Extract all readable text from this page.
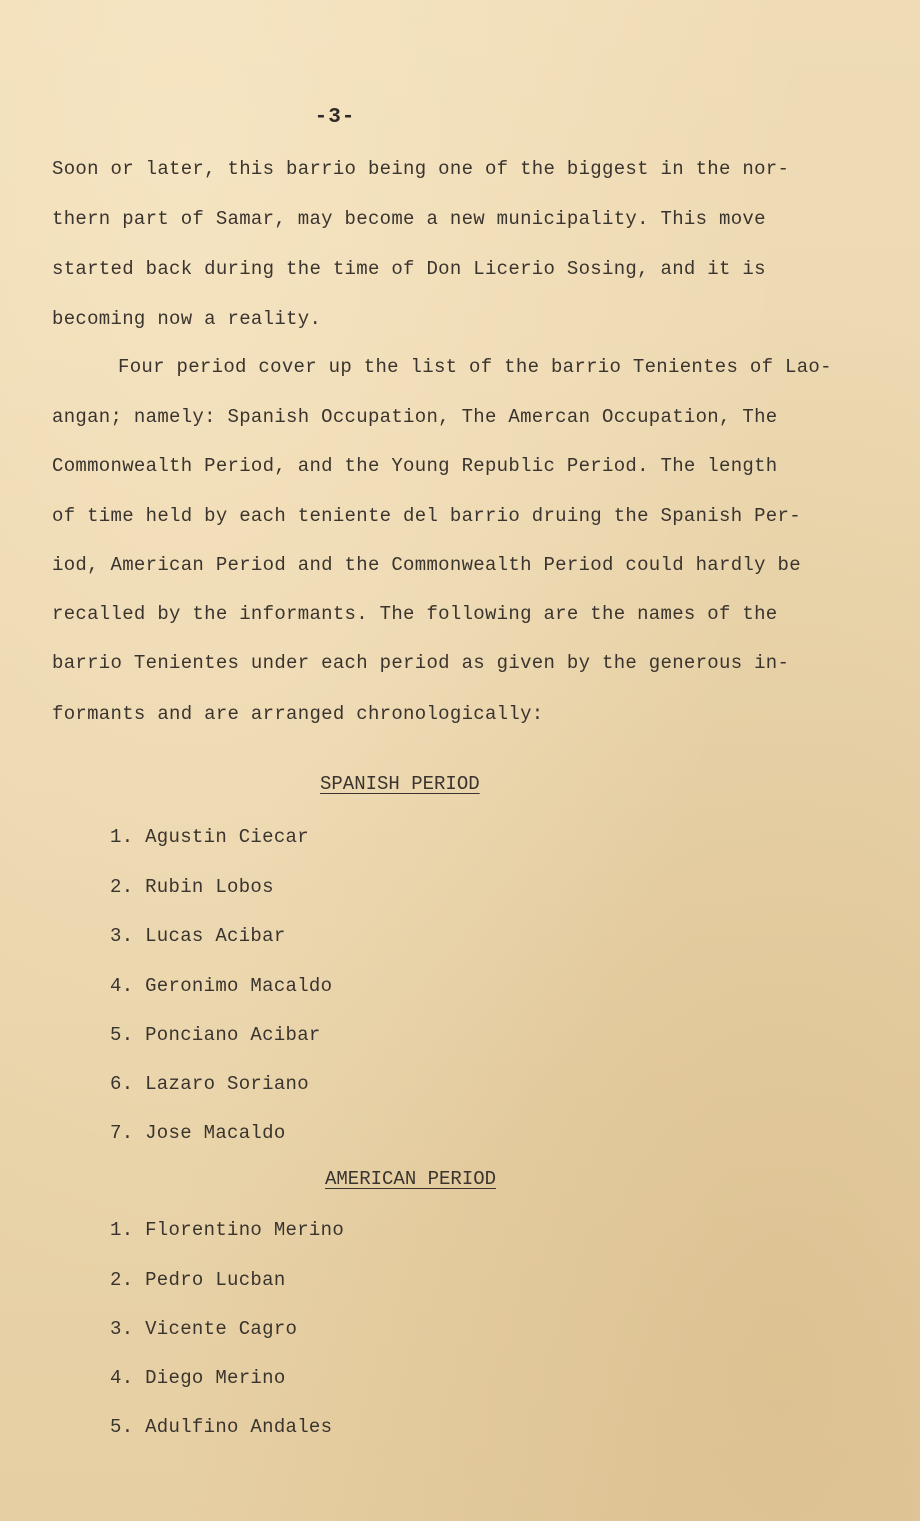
-3-
Soon or later, this barrio being one of the biggest in the nor-
thern part of Samar, may become a new municipality. This move
started back during the time of Don Licerio Sosing, and it is
becoming now a reality.
Four period cover up the list of the barrio Tenientes of Lao-
angan; namely: Spanish Occupation, The Amercan Occupation, The
Commonwealth Period, and the Young Republic Period. The length
of time held by each teniente del barrio druing the Spanish Per-
iod, American Period and the Commonwealth Period could hardly be
recalled by the informants. The following are the names of the
barrio Tenientes under each period as given by the generous in-
formants and are arranged chronologically:
SPANISH PERIOD
1. Agustin Ciecar
2. Rubin Lobos
3. Lucas Acibar
4. Geronimo Macaldo
5. Ponciano Acibar
6. Lazaro Soriano
7. Jose Macaldo
AMERICAN PERIOD
1. Florentino Merino
2. Pedro Lucban
3. Vicente Cagro
4. Diego Merino
5. Adulfino Andales
